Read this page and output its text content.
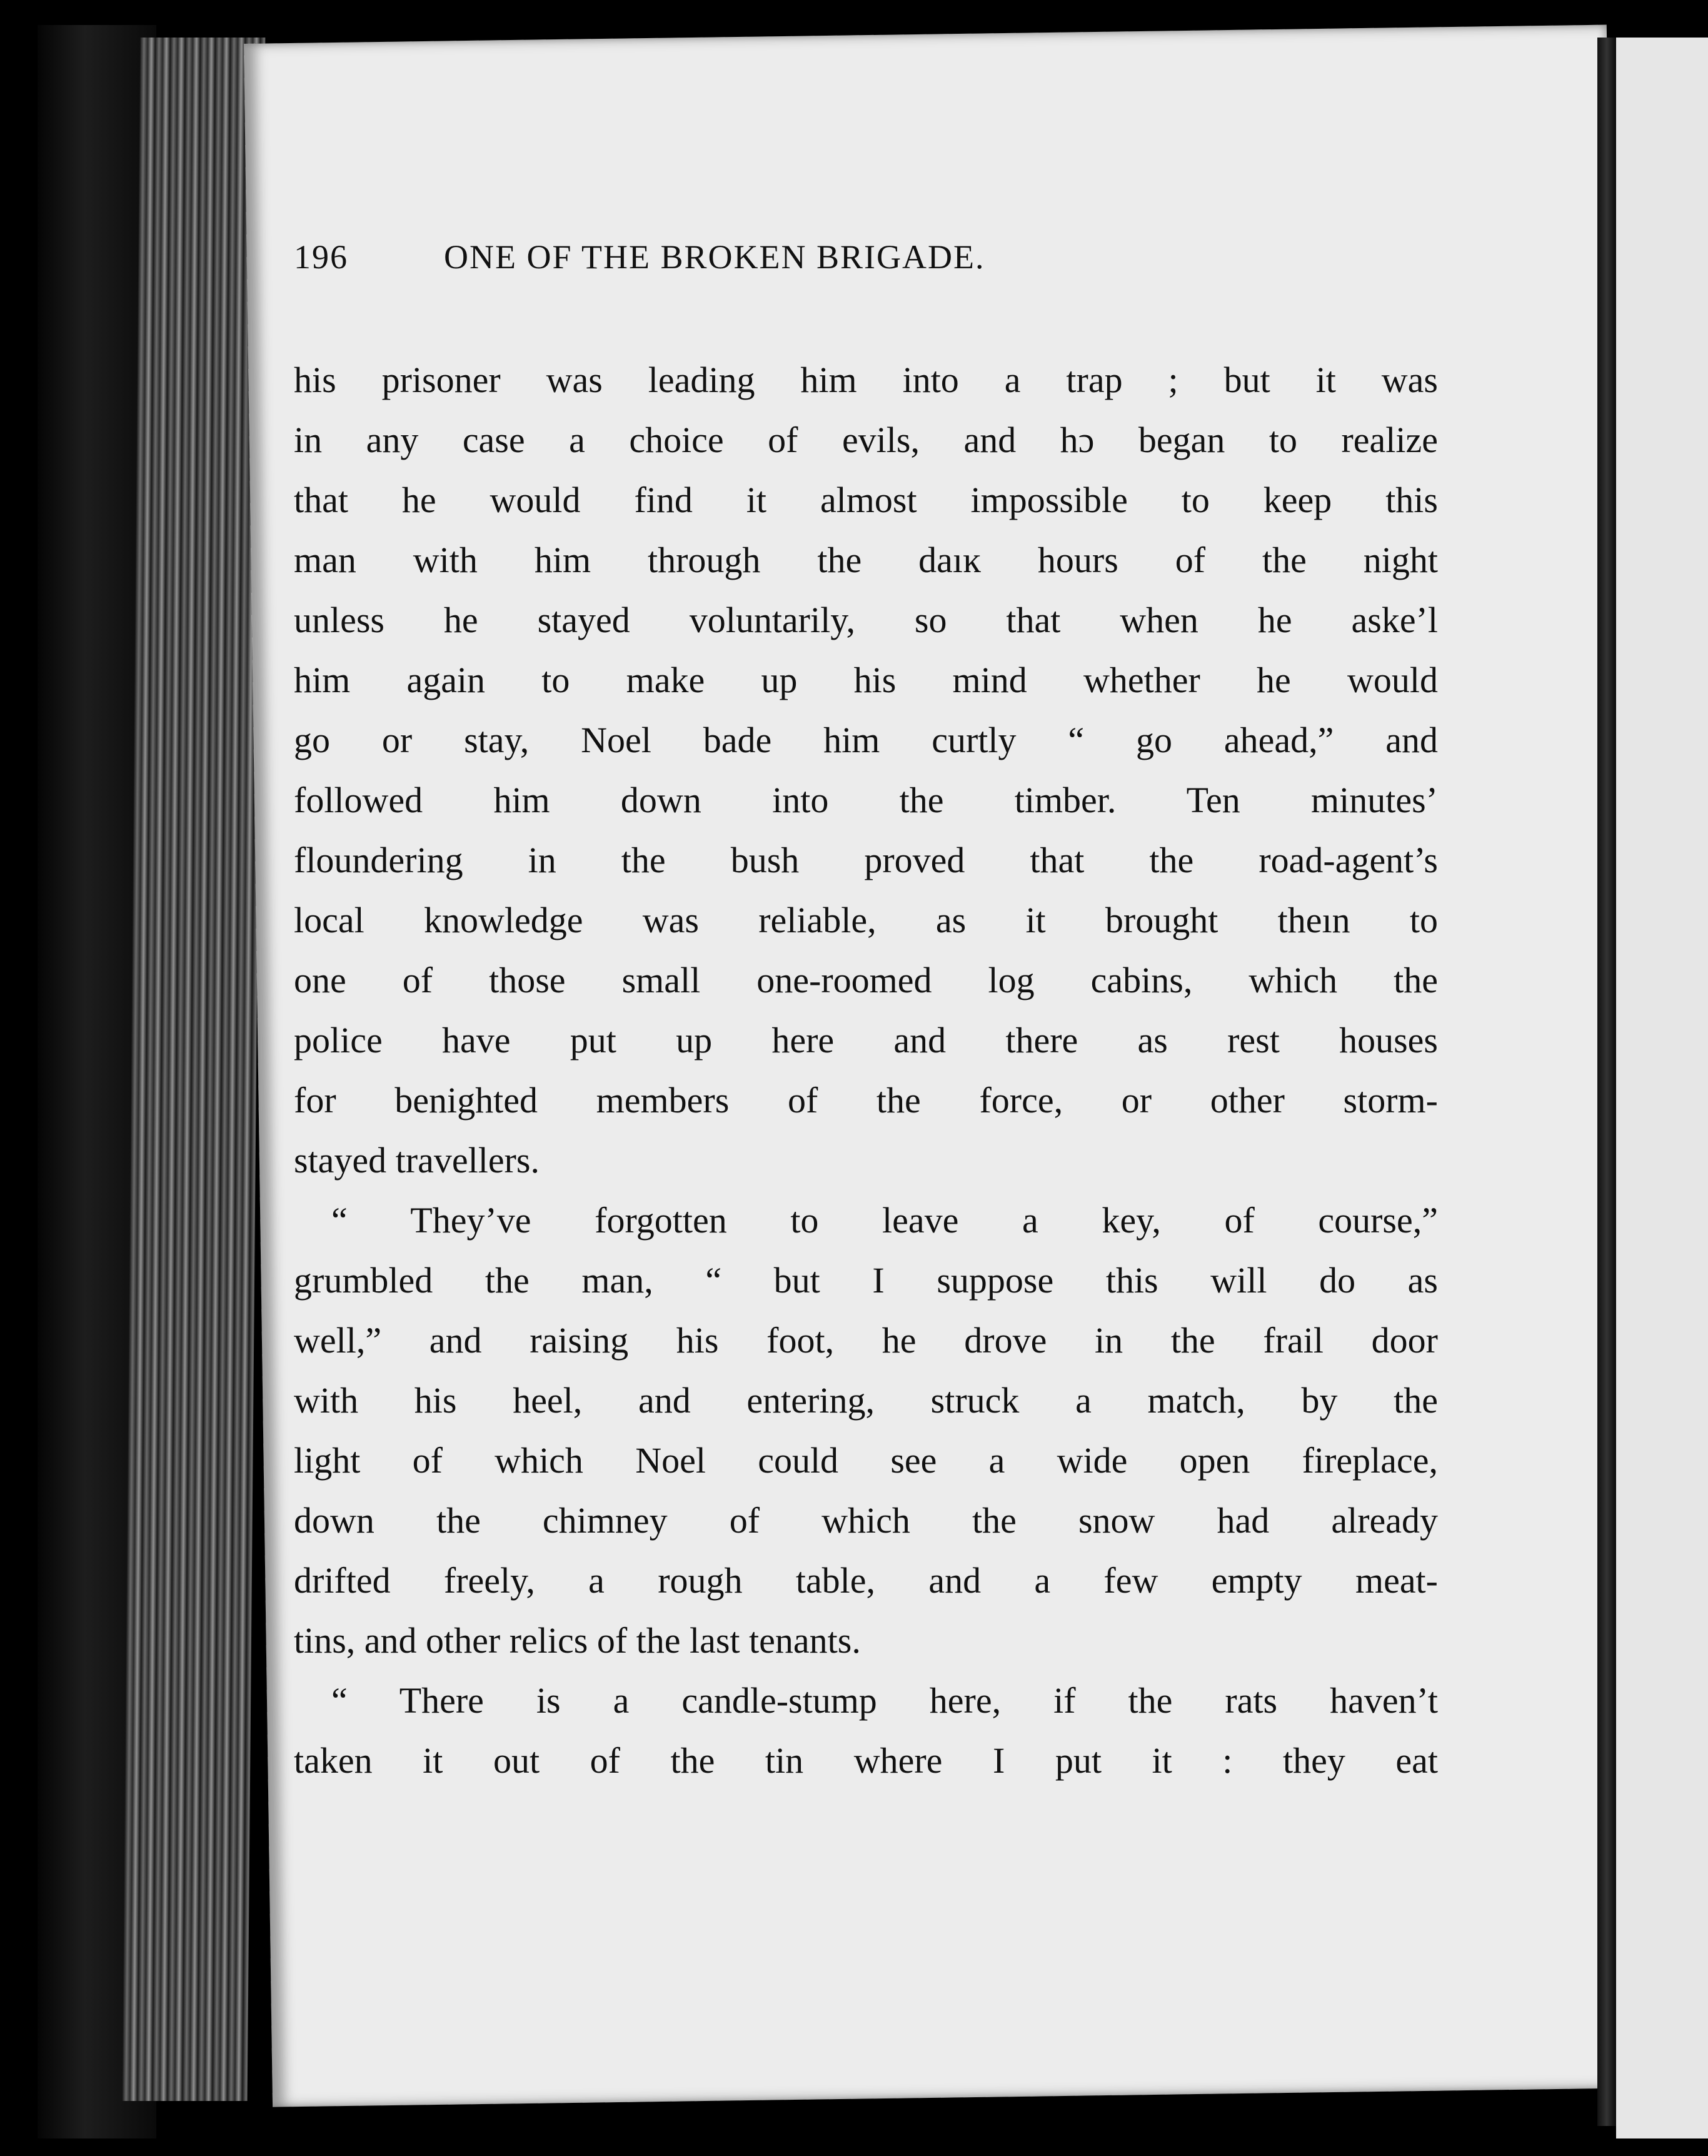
196	ONE OF THE BROKEN BRIGADE.
his prisoner was leading him into a trap ; but it was
in any case a choice of evils, and hɔ began to realize
that he would find it almost impossible to keep this
man with him through the daıĸ hours of the night
unless he stayed voluntarily, so that when he aske’l
him again to make up his mind whether he would
go or stay, Noel bade him curtly “ go ahead,” and
followed him down into the timber. Ten minutes’
floundering in the bush proved that the road-agent’s
local knowledge was reliable, as it brought theın to
one of those small one-roomed log cabins, which the
police have put up here and there as rest houses
for benighted members of the force, or other storm-
stayed travellers.
“ They’ve forgotten to leave a key, of course,”
grumbled the man, “ but I suppose this will do as
well,” and raising his foot, he drove in the frail door
with his heel, and entering, struck a match, by the
light of which Noel could see a wide open fireplace,
down the chimney of which the snow had already
drifted freely, a rough table, and a few empty meat-
tins, and other relics of the last tenants.
“ There is a candle-stump here, if the rats haven’t
taken it out of the tin where I put it : they eat
